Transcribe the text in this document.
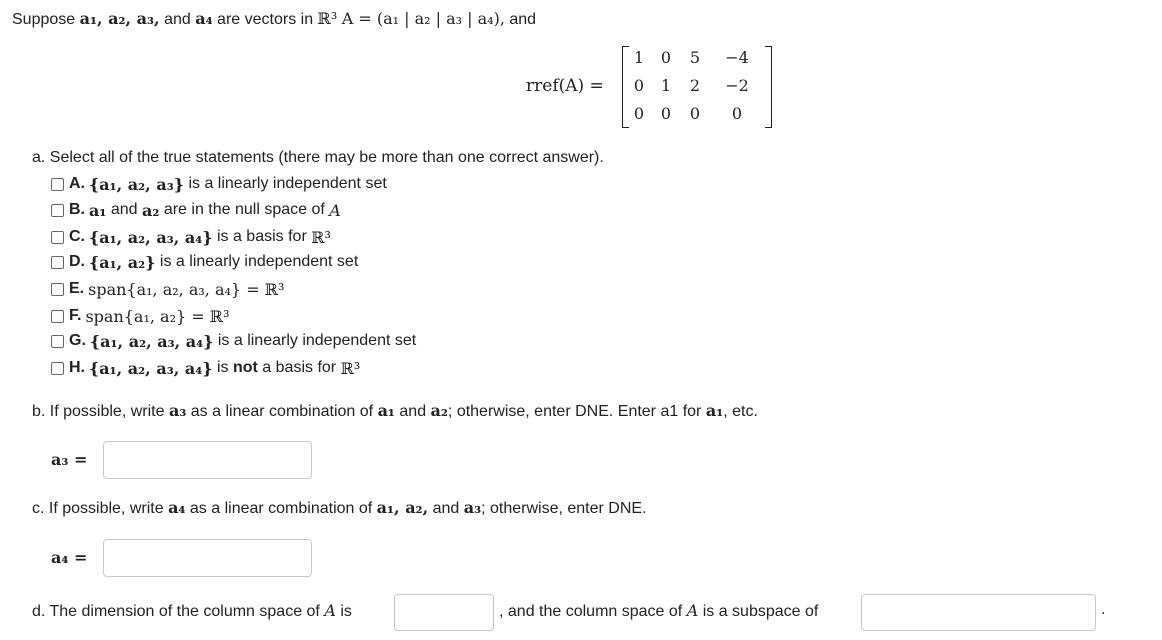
Suppose a₁, a₂, a₃, and a₄ are vectors in ℝ³ A = (a₁ | a₂ | a₃ | a₄), and
rref(A) =
1	0	5	−4
0	1	2	−2
0	0	0	0
a. Select all of the true statements (there may be more than one correct answer).
A. {a₁, a₂, a₃}
is a linearly independent set
B. a₁
and
a₂
are in the null space of
A
C. {a₁, a₂, a₃, a₄}
is a basis for
ℝ³
D. {a₁, a₂}
is a linearly independent set
E. span{a₁, a₂, a₃, a₄} = ℝ³
F. span{a₁, a₂} = ℝ³
G. {a₁, a₂, a₃, a₄}
is a linearly independent set
H. {a₁, a₂, a₃, a₄}
is
not
a basis for
ℝ³
b. If possible, write a₃ as a linear combination of a₁ and a₂; otherwise, enter DNE. Enter a1 for a₁, etc.
a₃ =
c. If possible, write a₄ as a linear combination of a₁, a₂, and a₃; otherwise, enter DNE.
a₄ =
d. The dimension of the column space of A is	, and the column space of A is a subspace of	.
